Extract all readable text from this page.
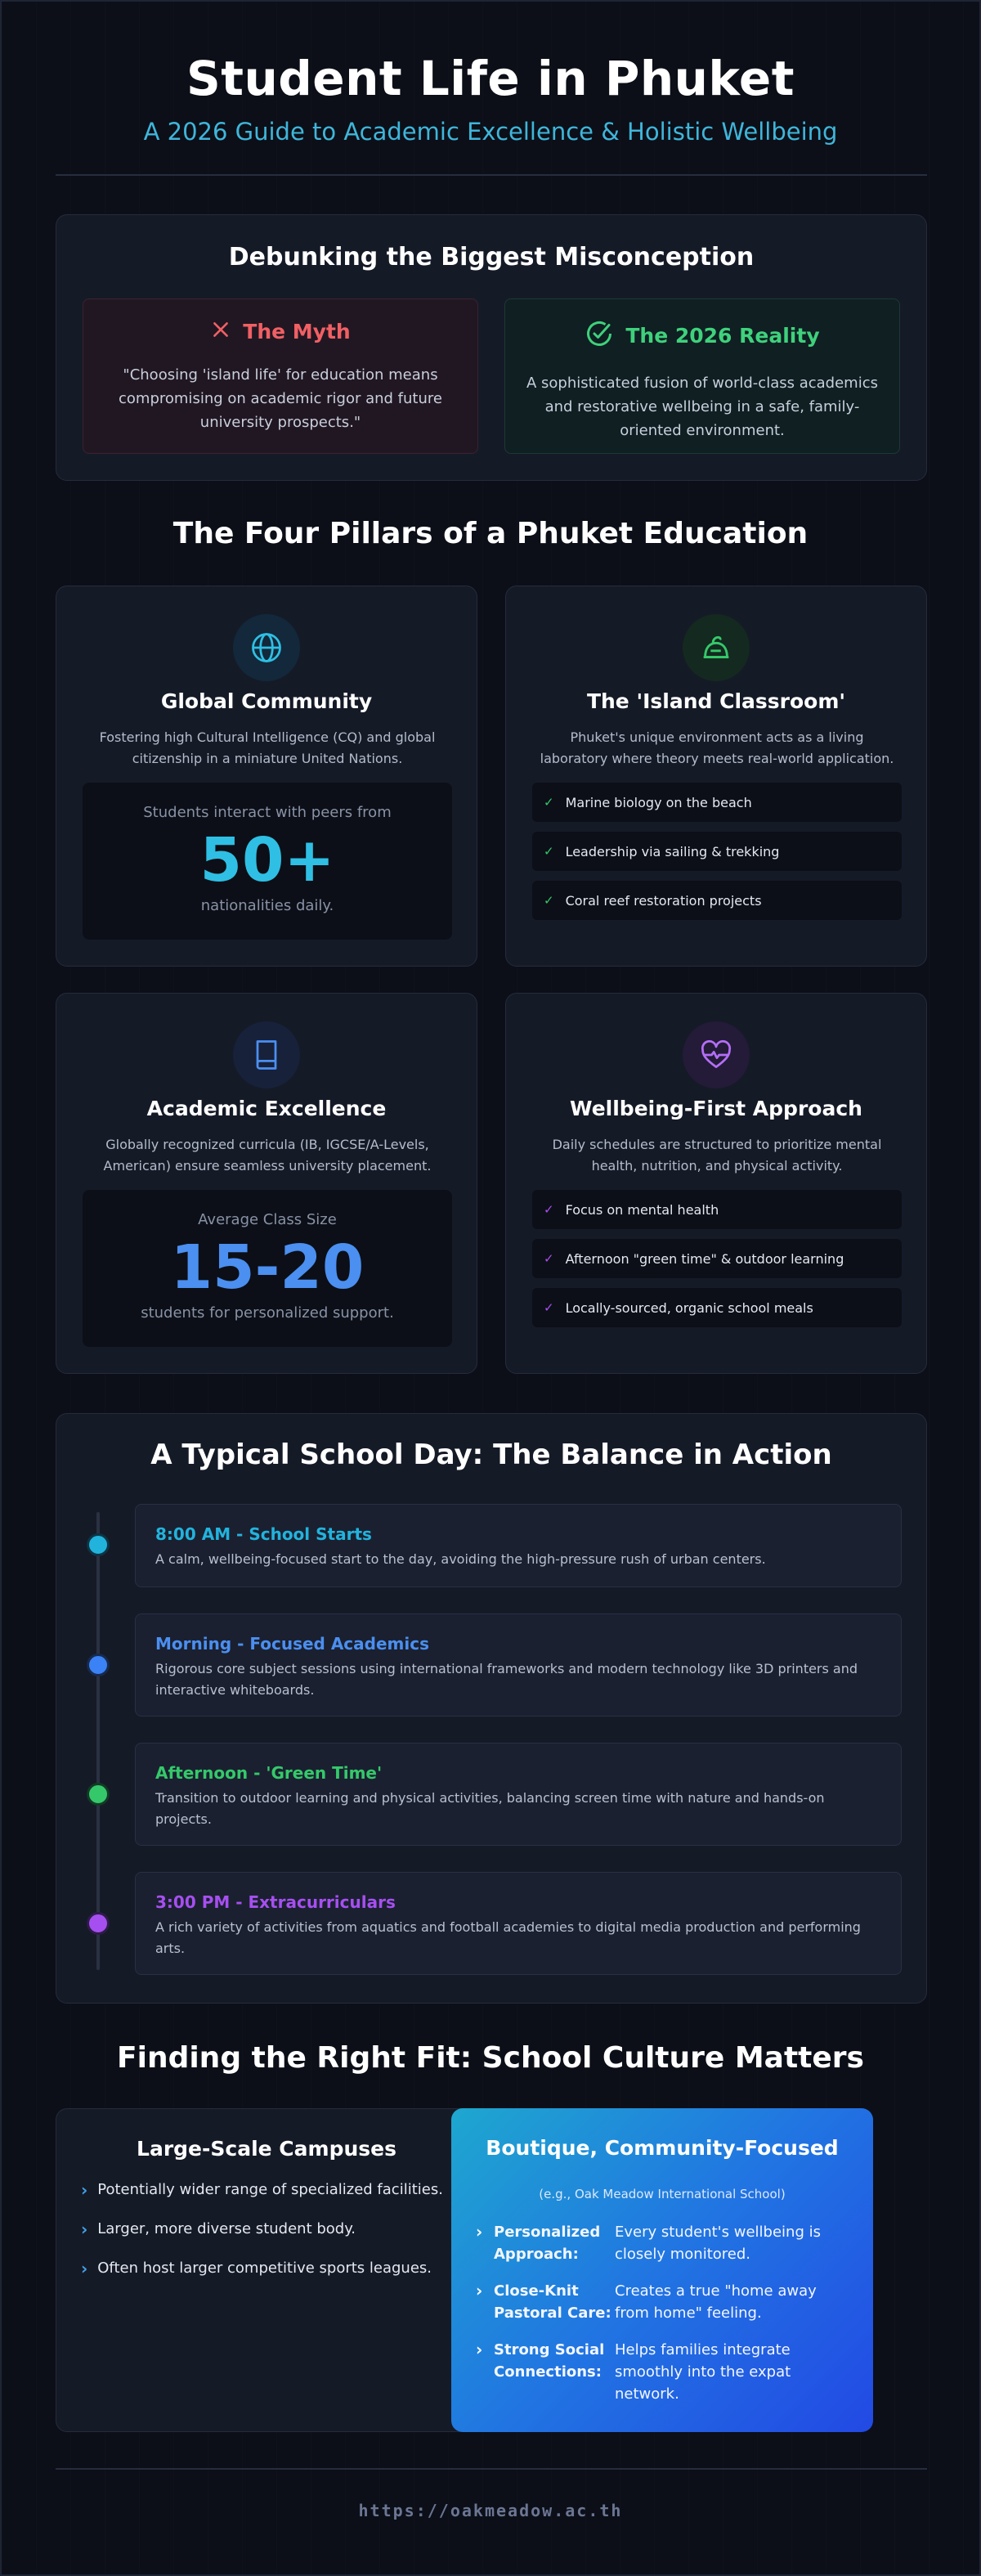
Student Life in Phuket
A 2026 Guide to Academic Excellence & Holistic Wellbeing
Debunking the Biggest Misconception
The Myth
"Choosing 'island life' for education means compromising on academic rigor and future university prospects."
The 2026 Reality
A sophisticated fusion of world-class academics and restorative wellbeing in a safe, family-oriented environment.
The Four Pillars of a Phuket Education
Global Community
Fostering high Cultural Intelligence (CQ) and global citizenship in a miniature United Nations.
Students interact with peers from
50+
nationalities daily.
The 'Island Classroom'
Phuket's unique environment acts as a living laboratory where theory meets real-world application.
✓ Marine biology on the beach
✓ Leadership via sailing & trekking
✓ Coral reef restoration projects
Academic Excellence
Globally recognized curricula (IB, IGCSE/A-Levels, American) ensure seamless university placement.
Average Class Size
15-20
students for personalized support.
Wellbeing-First Approach
Daily schedules are structured to prioritize mental health, nutrition, and physical activity.
✓ Focus on mental health
✓ Afternoon "green time" & outdoor learning
✓ Locally-sourced, organic school meals
A Typical School Day: The Balance in Action
8:00 AM - School Starts
A calm, wellbeing-focused start to the day, avoiding the high-pressure rush of urban centers.
Morning - Focused Academics
Rigorous core subject sessions using international frameworks and modern technology like 3D printers and interactive whiteboards.
Afternoon - 'Green Time'
Transition to outdoor learning and physical activities, balancing screen time with nature and hands-on projects.
3:00 PM - Extracurriculars
A rich variety of activities from aquatics and football academies to digital media production and performing arts.
Finding the Right Fit: School Culture Matters
Large-Scale Campuses
› Potentially wider range of specialized facilities.
› Larger, more diverse student body.
› Often host larger competitive sports leagues.
Boutique, Community-Focused
(e.g., Oak Meadow International School)
› Personalized Approach:
Every student's wellbeing is closely monitored.
› Close-Knit Pastoral Care:
Creates a true "home away from home" feeling.
› Strong Social Connections:
Helps families integrate smoothly into the expat network.
https://oakmeadow.ac.th
